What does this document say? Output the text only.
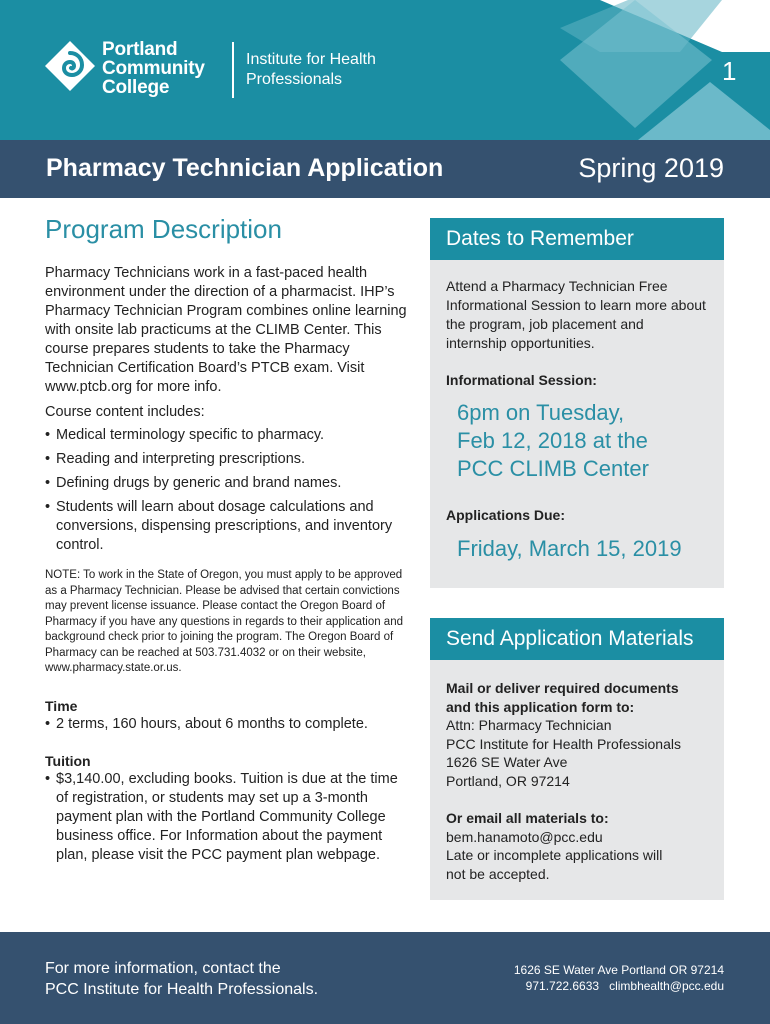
Portland
Community
College
Institute for Health
Professionals	1
Pharmacy Technician Application	Spring 2019
Program Description

Pharmacy Technicians work in a fast-paced health environment under the direction of a pharmacist. IHP’s Pharmacy Technician Program combines online learning with onsite lab practicums at the CLIMB Center. This course prepares students to take the Pharmacy Technician Certification Board’s PTCB exam. Visit www.ptcb.org for more info.

Course content includes:

• Medical terminology specific to pharmacy.
• Reading and interpreting prescriptions.
• Defining drugs by generic and brand names.
• Students will learn about dosage calculations and conversions, dispensing prescriptions, and inventory control.

NOTE: To work in the State of Oregon, you must apply to be approved as a Pharmacy Technician. Please be advised that certain convictions may prevent license issuance. Please contact the Oregon Board of Pharmacy if you have any questions in regards to their application and background check prior to joining the program. The Oregon Board of Pharmacy can be reached at 503.731.4032 or on their website, www.pharmacy.state.or.us.

Time
• 2 terms, 160 hours, about 6 months to complete.
Tuition
• $3,140.00, excluding books. Tuition is due at the time of registration, or students may set up a 3-month payment plan with the Portland Community College business office. For Information about the payment plan, please visit the PCC payment plan webpage.
Dates to Remember

Attend a Pharmacy Technician Free Informational Session to learn more about the program, job placement and internship opportunities.

Informational Session:
6pm on Tuesday,
Feb 12, 2018 at the
PCC CLIMB Center
Applications Due:
Friday, March 15, 2019
Send Application Materials
Mail or deliver required documents
and this application form to:
Attn: Pharmacy Technician
PCC Institute for Health Professionals
1626 SE Water Ave
Portland, OR 97214
Or email all materials to:
bem.hanamoto@pcc.edu
Late or incomplete applications will
not be accepted.
For more information, contact the
PCC Institute for Health Professionals.
1626 SE Water Ave Portland OR 97214
971.722.6633   climbhealth@pcc.edu
